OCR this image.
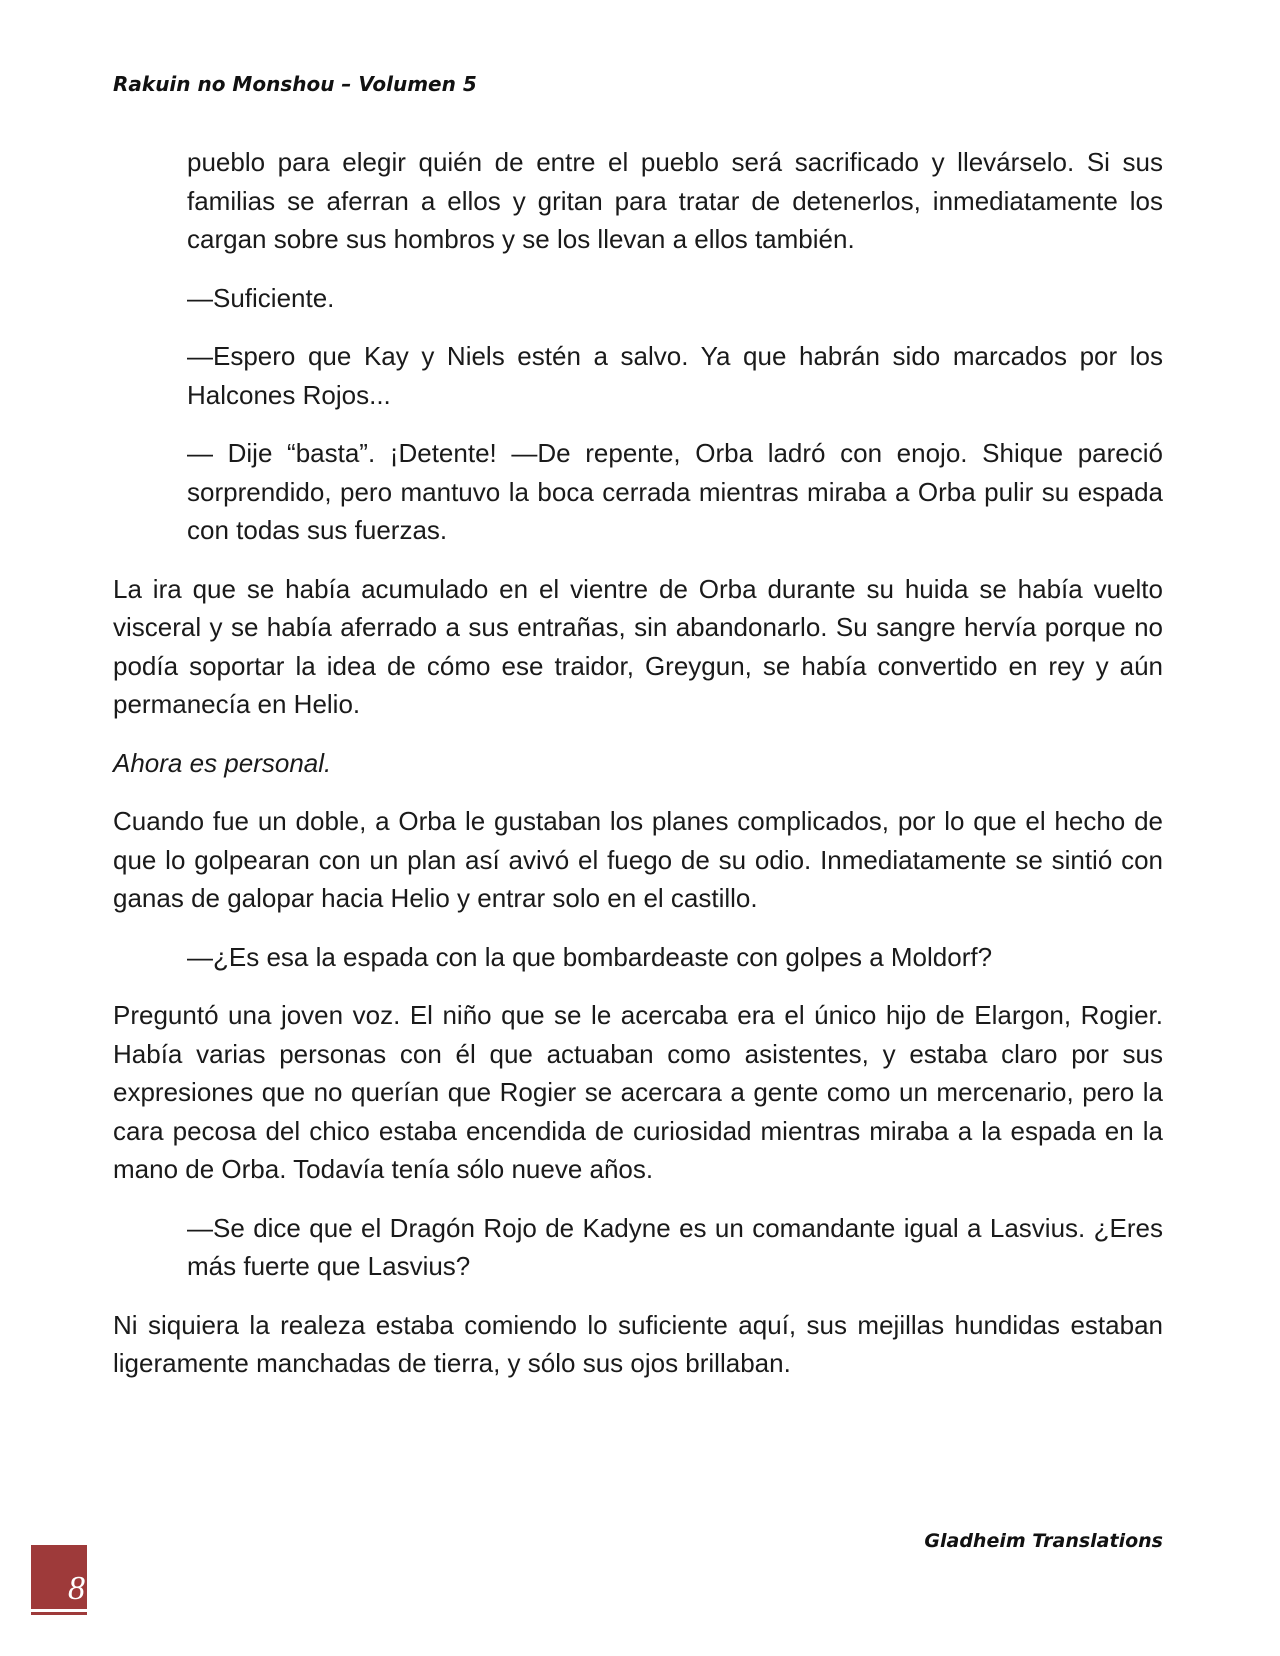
Rakuin no Monshou – Volumen 5

pueblo para elegir quién de entre el pueblo será sacrificado y llevárselo. Si sus familias se aferran a ellos y gritan para tratar de detenerlos, inmediatamente los cargan sobre sus hombros y se los llevan a ellos también.

—Suficiente.

—Espero que Kay y Niels estén a salvo. Ya que habrán sido marcados por los Halcones Rojos...

— Dije “basta”. ¡Detente! —De repente, Orba ladró con enojo. Shique pareció sorprendido, pero mantuvo la boca cerrada mientras miraba a Orba pulir su espada con todas sus fuerzas.

La ira que se había acumulado en el vientre de Orba durante su huida se había vuelto visceral y se había aferrado a sus entrañas, sin abandonarlo. Su sangre hervía porque no podía soportar la idea de cómo ese traidor, Greygun, se había convertido en rey y aún permanecía en Helio.

Ahora es personal.

Cuando fue un doble, a Orba le gustaban los planes complicados, por lo que el hecho de que lo golpearan con un plan así avivó el fuego de su odio. Inmediatamente se sintió con ganas de galopar hacia Helio y entrar solo en el castillo.

—¿Es esa la espada con la que bombardeaste con golpes a Moldorf?

Preguntó una joven voz. El niño que se le acercaba era el único hijo de Elargon, Rogier. Había varias personas con él que actuaban como asistentes, y estaba claro por sus expresiones que no querían que Rogier se acercara a gente como un mercenario, pero la cara pecosa del chico estaba encendida de curiosidad mientras miraba a la espada en la mano de Orba. Todavía tenía sólo nueve años.

—Se dice que el Dragón Rojo de Kadyne es un comandante igual a Lasvius. ¿Eres más fuerte que Lasvius?

Ni siquiera la realeza estaba comiendo lo suficiente aquí, sus mejillas hundidas estaban ligeramente manchadas de tierra, y sólo sus ojos brillaban.

Gladheim Translations
8
